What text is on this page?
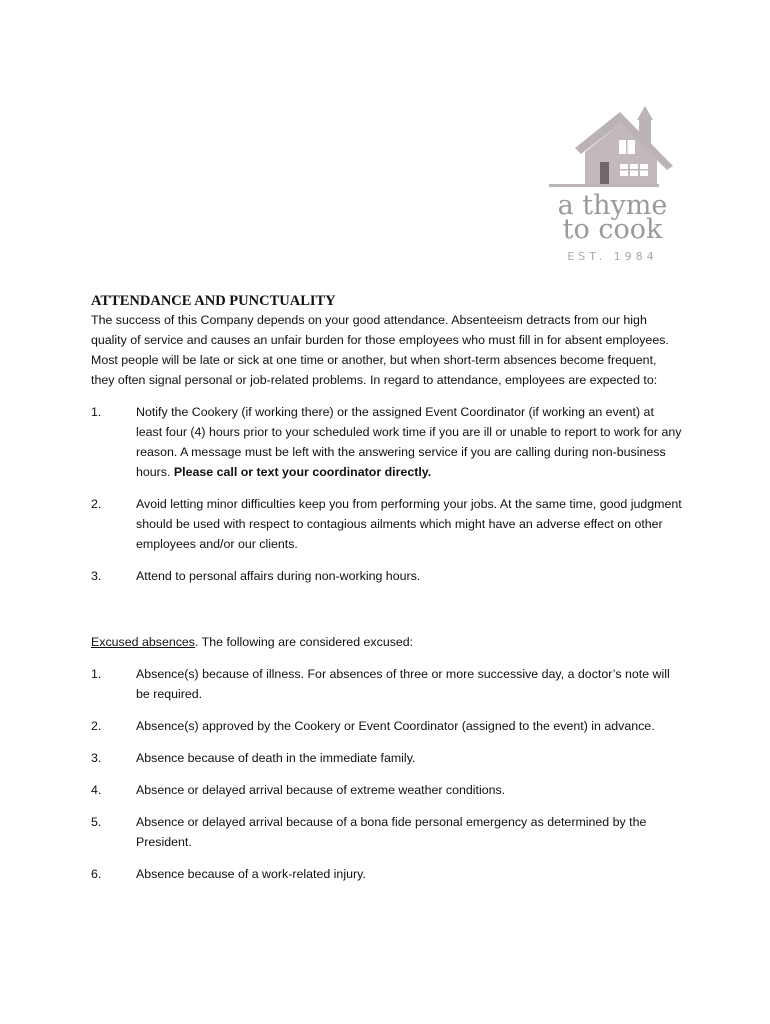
a thyme
to cook
EST. 1984
ATTENDANCE AND PUNCTUALITY

The success of this Company depends on your good attendance. Absenteeism detracts from our high quality of service and causes an unfair burden for those employees who must fill in for absent employees. Most people will be late or sick at one time or another, but when short-term absences become frequent, they often signal personal or job-related problems. In regard to attendance, employees are expected to:

1.	Notify the Cookery (if working there) or the assigned Event Coordinator (if working an event) at least four (4) hours prior to your scheduled work time if you are ill or unable to report to work for any reason. A message must be left with the answering service if you are calling during non-business hours. Please call or text your coordinator directly.

2.	Avoid letting minor difficulties keep you from performing your jobs. At the same time, good judgment should be used with respect to contagious ailments which might have an adverse effect on other employees and/or our clients.

3.	Attend to personal affairs during non-working hours.

Excused absences. The following are considered excused:

1.	Absence(s) because of illness. For absences of three or more successive day, a doctor’s note will be required.

2.	Absence(s) approved by the Cookery or Event Coordinator (assigned to the event) in advance.

3.	Absence because of death in the immediate family.

4.	Absence or delayed arrival because of extreme weather conditions.

5.	Absence or delayed arrival because of a bona fide personal emergency as determined by the President.

6.	Absence because of a work-related injury.
